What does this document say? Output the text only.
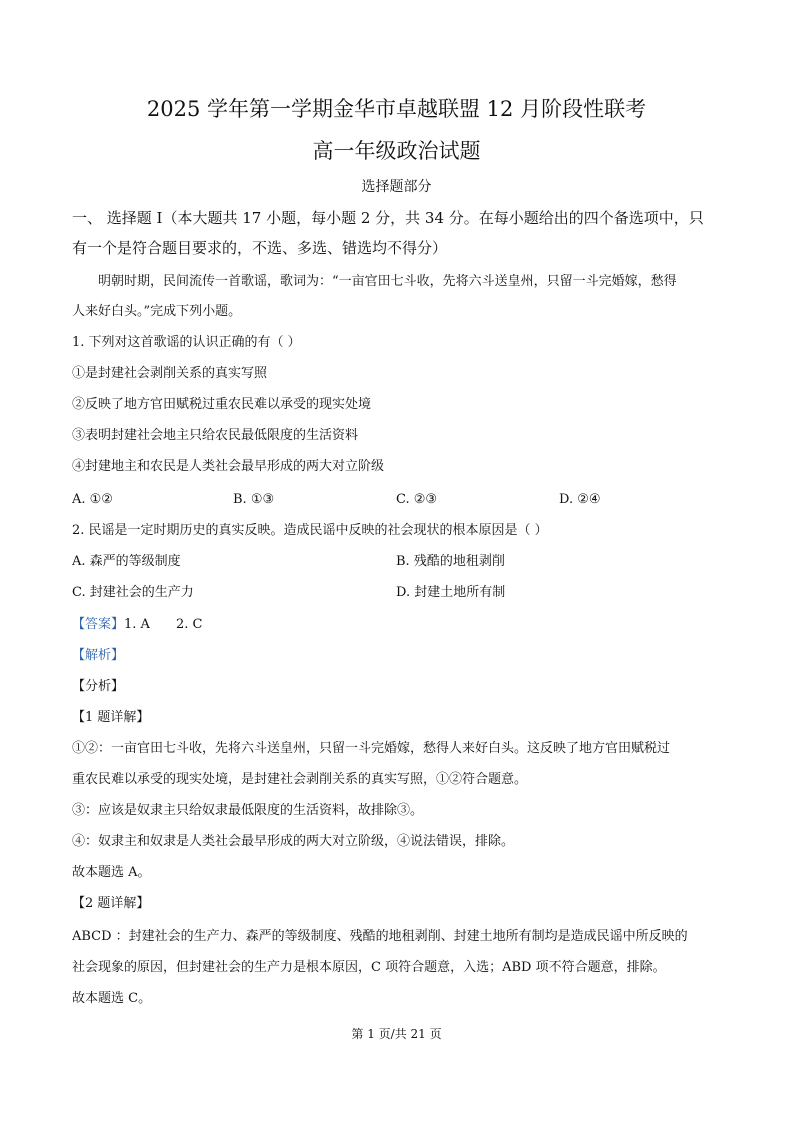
2025 学年第一学期金华市卓越联盟 12 月阶段性联考
高一年级政治试题
选择题部分
一、 选择题 I（本大题共 17 小题，每小题 2 分，共 34 分。在每小题给出的四个备选项中，只
有一个是符合题目要求的，不选、多选、错选均不得分）
明朝时期，民间流传一首歌谣，歌词为：“一亩官田七斗收，先将六斗送皇州，只留一斗完婚嫁，愁得
人来好白头。”完成下列小题。
1. 下列对这首歌谣的认识正确的有（ ）
①是封建社会剥削关系的真实写照
②反映了地方官田赋税过重农民难以承受的现实处境
③表明封建社会地主只给农民最低限度的生活资料
④封建地主和农民是人类社会最早形成的两大对立阶级
A. ①②	B. ①③	C. ②③	D. ②④
2. 民谣是一定时期历史的真实反映。造成民谣中反映的社会现状的根本原因是（ ）
A. 森严的等级制度	B. 残酷的地租剥削
C. 封建社会的生产力	D. 封建土地所有制
【答案】1. A　　2. C
【解析】
【分析】
【1 题详解】
①②：一亩官田七斗收，先将六斗送皇州，只留一斗完婚嫁，愁得人来好白头。这反映了地方官田赋税过
重农民难以承受的现实处境，是封建社会剥削关系的真实写照，①②符合题意。
③：应该是奴隶主只给奴隶最低限度的生活资料，故排除③。
④：奴隶主和奴隶是人类社会最早形成的两大对立阶级，④说法错误，排除。
故本题选 A。
【2 题详解】
ABCD ：封建社会的生产力、森严的等级制度、残酷的地租剥削、封建土地所有制均是造成民谣中所反映的
社会现象的原因，但封建社会的生产力是根本原因，C 项符合题意，入选；ABD 项不符合题意，排除。
故本题选 C。
第 1 页/共 21 页
